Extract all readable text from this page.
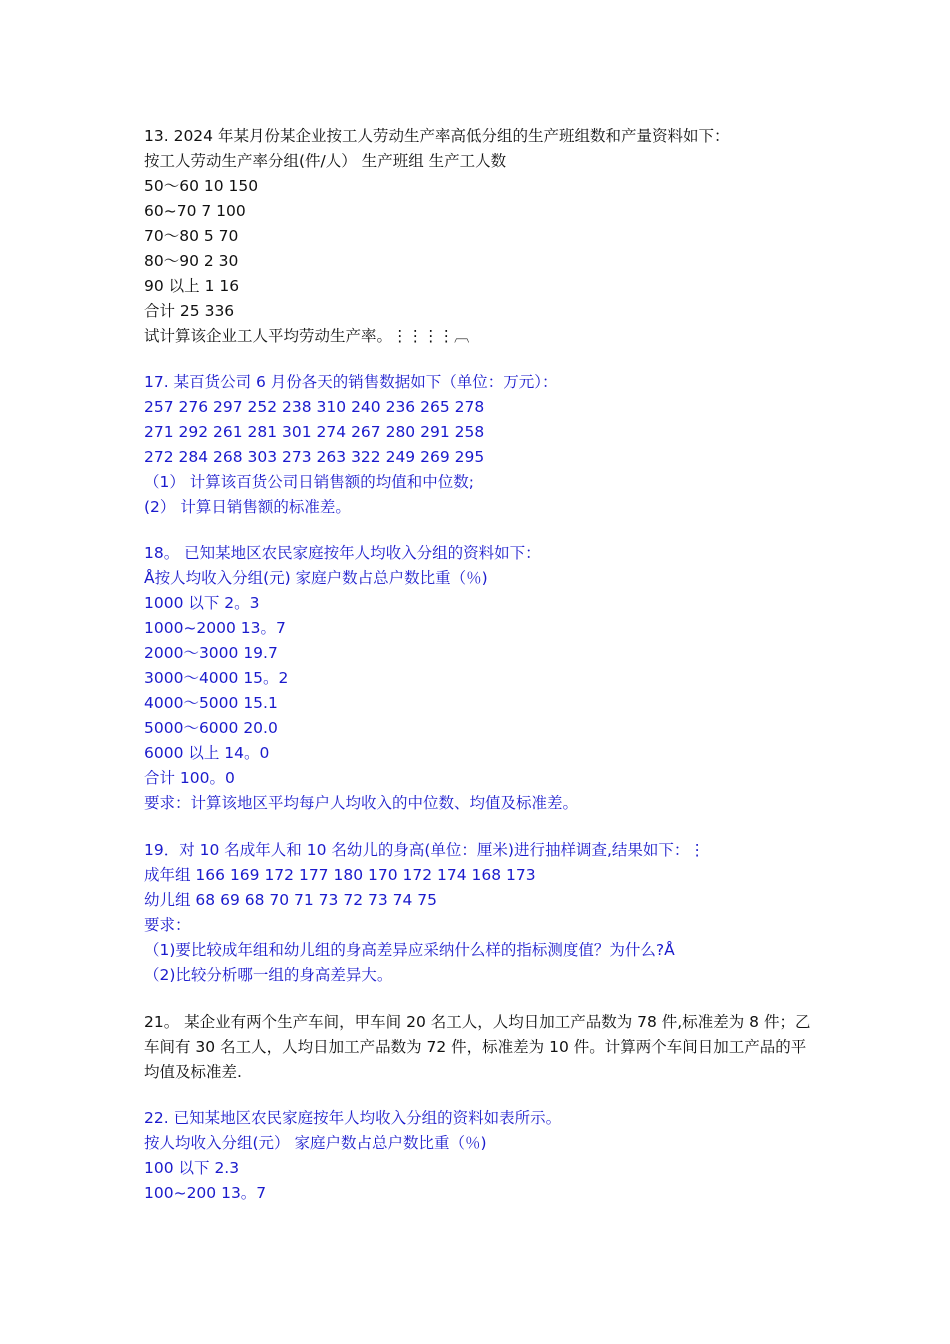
13. 2024 年某月份某企业按工人劳动生产率高低分组的生产班组数和产量资料如下：
按工人劳动生产率分组(件/人） 生产班组 生产工人数
50～60 10 150
60~70 7 100
70～80 5 70
80～90 2 30
90 以上 1 16
合计 25 336
试计算该企业工人平均劳动生产率。⋮⋮⋮⋮︹
17. 某百货公司 6 月份各天的销售数据如下（单位：万元）：
257 276 297 252 238 310 240 236 265 278
271 292 261 281 301 274 267 280 291 258
272 284 268 303 273 263 322 249 269 295
（1） 计算该百货公司日销售额的均值和中位数;
(2） 计算日销售额的标准差。
18。 已知某地区农民家庭按年人均收入分组的资料如下：
Å按人均收入分组(元) 家庭户数占总户数比重（％)
1000 以下 2。3
1000~2000 13。7
2000～3000 19.7
3000～4000 15。2
4000～5000 15.1
5000～6000 20.0
6000 以上 14。0
合计 100。0
要求：计算该地区平均每户人均收入的中位数、均值及标准差。
19．对 10 名成年人和 10 名幼儿的身高(单位：厘米)进行抽样调查,结果如下：⋮
成年组 166 169 172 177 180 170 172 174 168 173
幼儿组 68 69 68 70 71 73 72 73 74 75
要求：
（1)要比较成年组和幼儿组的身高差异应采纳什么样的指标测度值？为什么?Å
（2)比较分析哪一组的身高差异大。
21。 某企业有两个生产车间，甲车间 20 名工人，人均日加工产品数为 78 件,标准差为 8 件；乙车间有 30 名工人，人均日加工产品数为 72 件，标准差为 10 件。计算两个车间日加工产品的平均值及标准差.
22. 已知某地区农民家庭按年人均收入分组的资料如表所示。
按人均收入分组(元） 家庭户数占总户数比重（％)
100 以下 2.3
100~200 13。7
